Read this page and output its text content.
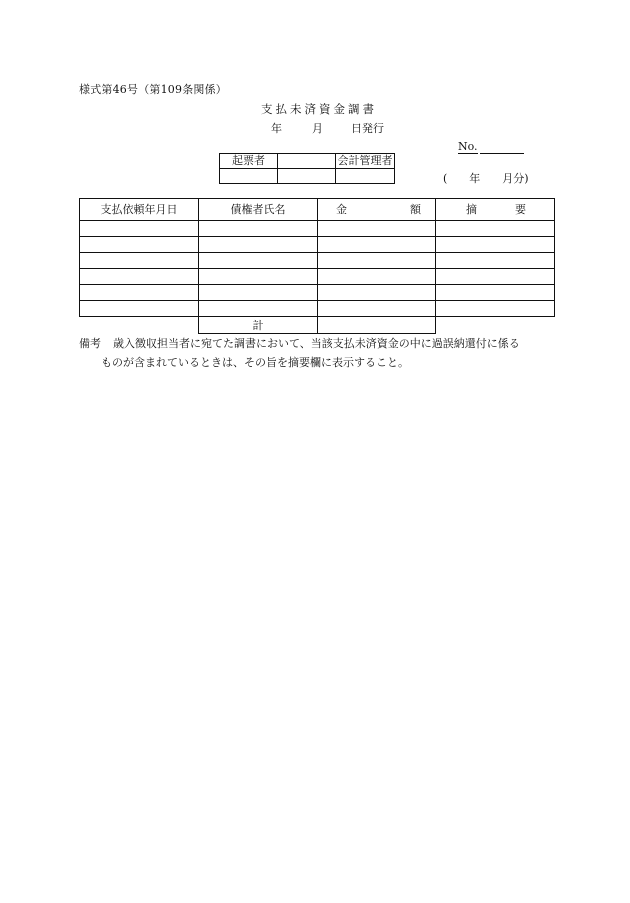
様式第46号（第109条関係）
支払未済資金調書
年	月	日発行
No.
起票者		会計管理者

( 年 月分)
支払依頼年月日	債権者氏名	金 額	摘 要

	計		
備考 歳入徴収担当者に宛てた調書において、当該支払未済資金の中に過誤納還付に係る
ものが含まれているときは、その旨を摘要欄に表示すること。
